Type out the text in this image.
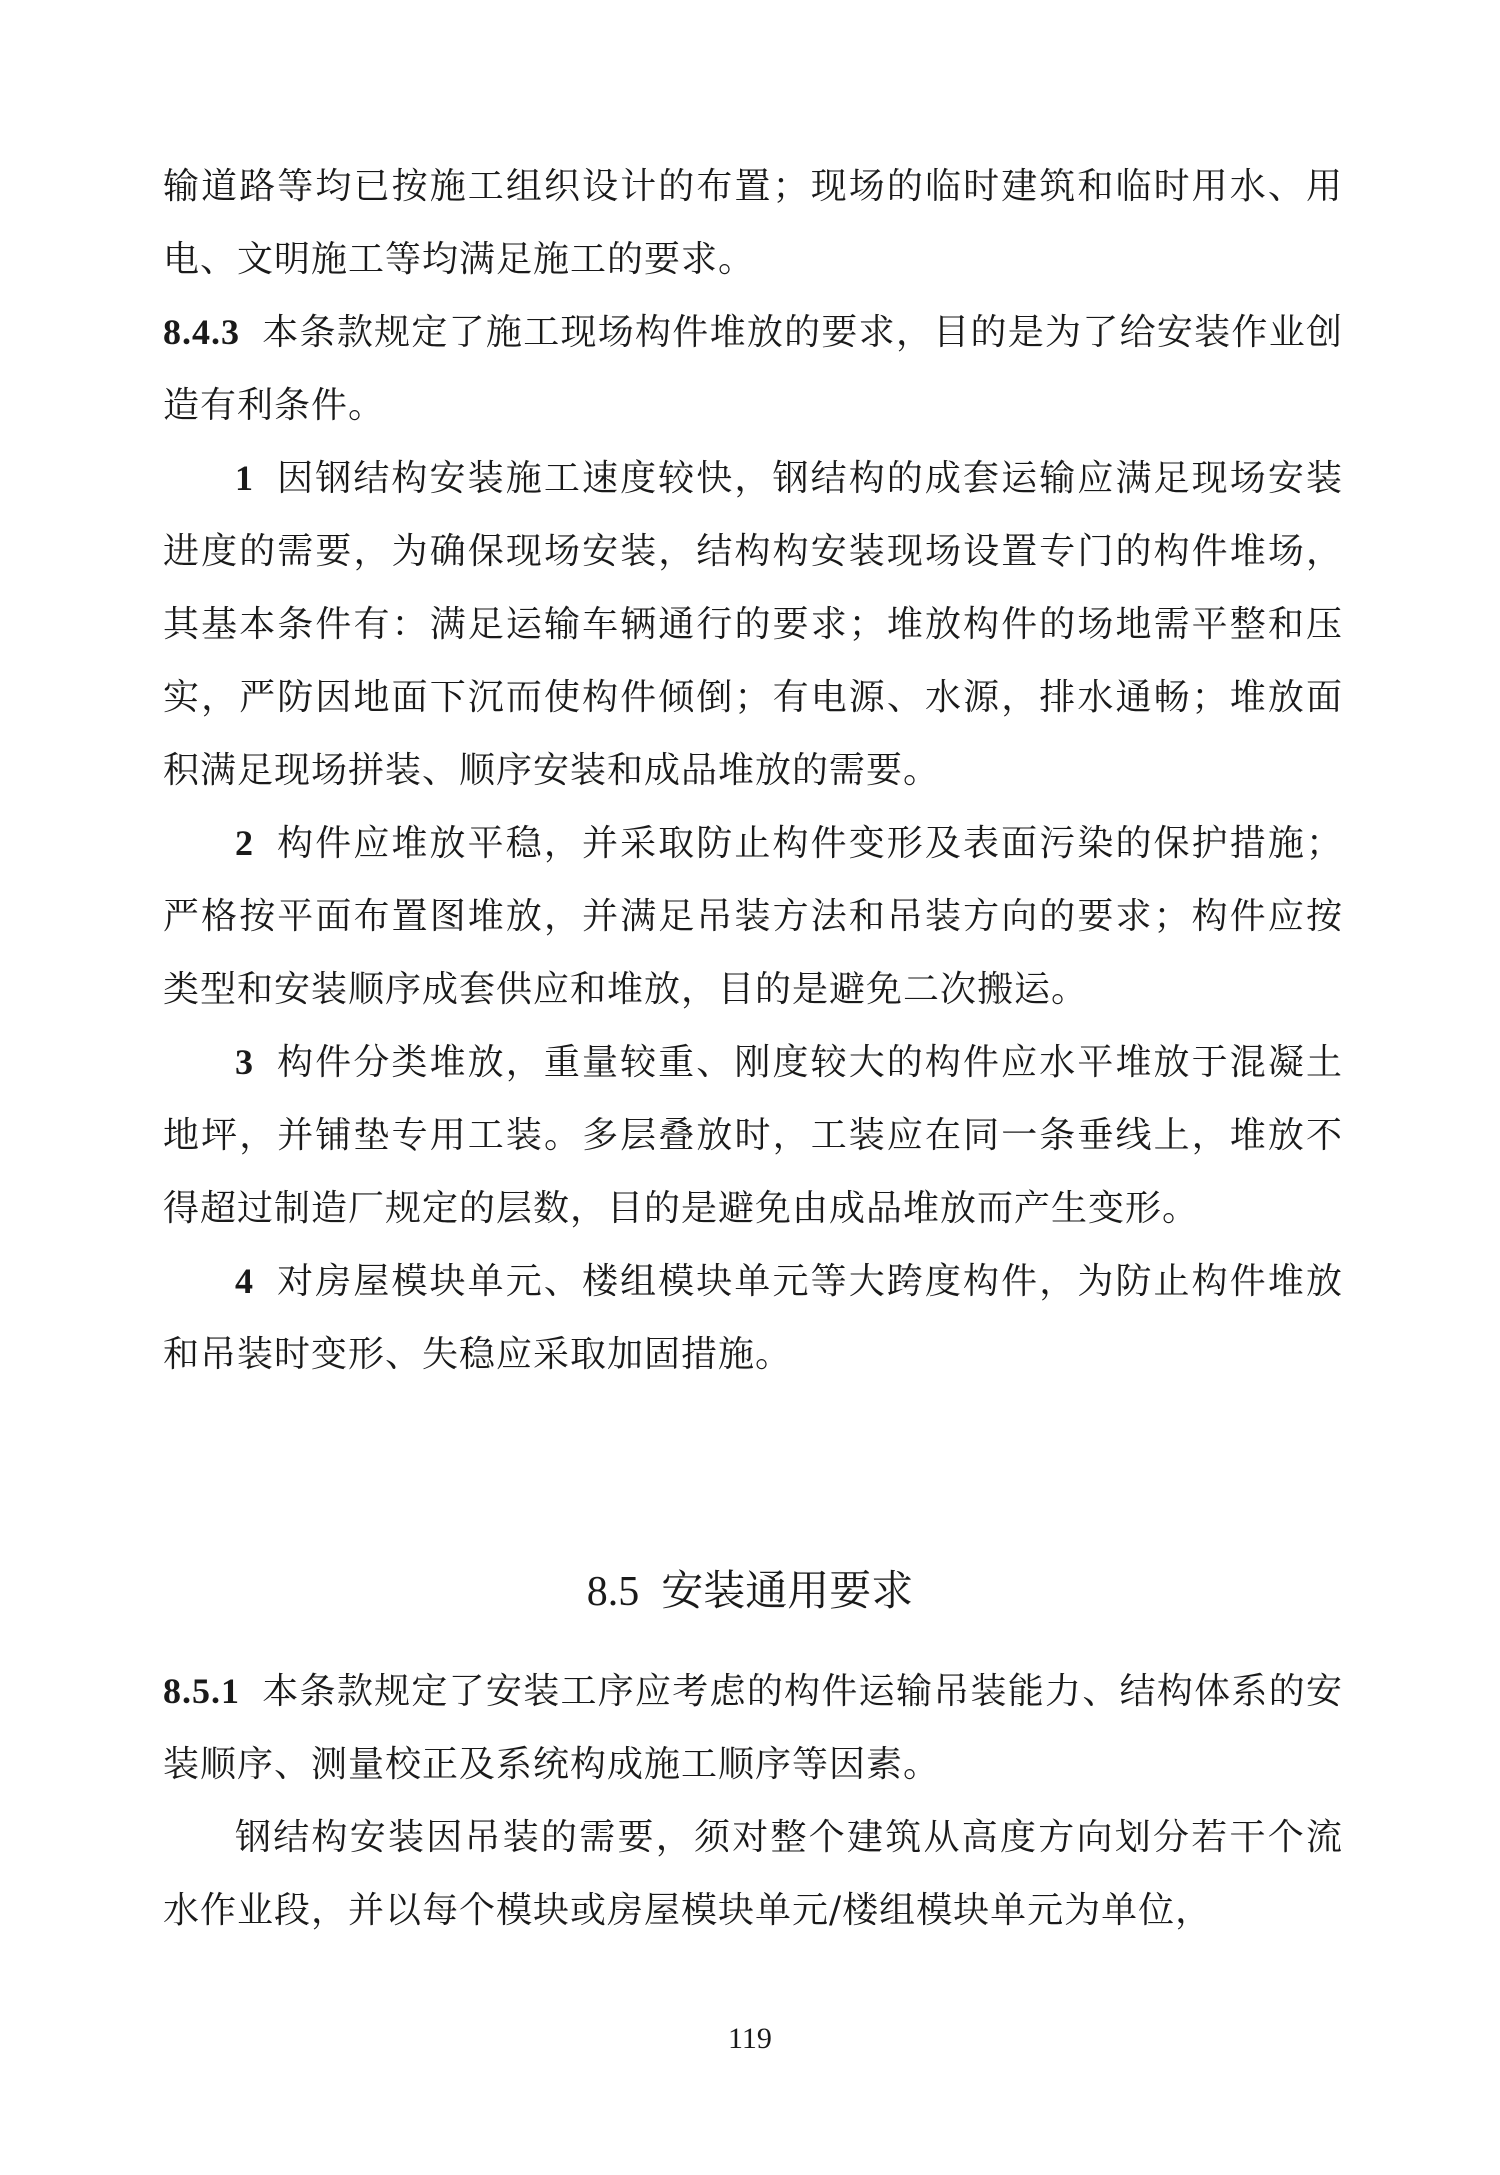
输道路等均已按施工组织设计的布置；现场的临时建筑和临时用水、用电、文明施工等均满足施工的要求。

8.4.3 本条款规定了施工现场构件堆放的要求，目的是为了给安装作业创造有利条件。

1 因钢结构安装施工速度较快，钢结构的成套运输应满足现场安装进度的需要，为确保现场安装，结构构安装现场设置专门的构件堆场，其基本条件有：满足运输车辆通行的要求；堆放构件的场地需平整和压实，严防因地面下沉而使构件倾倒；有电源、水源，排水通畅；堆放面积满足现场拼装、顺序安装和成品堆放的需要。

2 构件应堆放平稳，并采取防止构件变形及表面污染的保护措施；严格按平面布置图堆放，并满足吊装方法和吊装方向的要求；构件应按类型和安装顺序成套供应和堆放，目的是避免二次搬运。

3 构件分类堆放，重量较重、刚度较大的构件应水平堆放于混凝土地坪，并铺垫专用工装。多层叠放时，工装应在同一条垂线上，堆放不得超过制造厂规定的层数，目的是避免由成品堆放而产生变形。

4 对房屋模块单元、楼组模块单元等大跨度构件，为防止构件堆放和吊装时变形、失稳应采取加固措施。

8.5 安装通用要求

8.5.1 本条款规定了安装工序应考虑的构件运输吊装能力、结构体系的安装顺序、测量校正及系统构成施工顺序等因素。

钢结构安装因吊装的需要，须对整个建筑从高度方向划分若干个流水作业段，并以每个模块或房屋模块单元/楼组模块单元为单位，

119
